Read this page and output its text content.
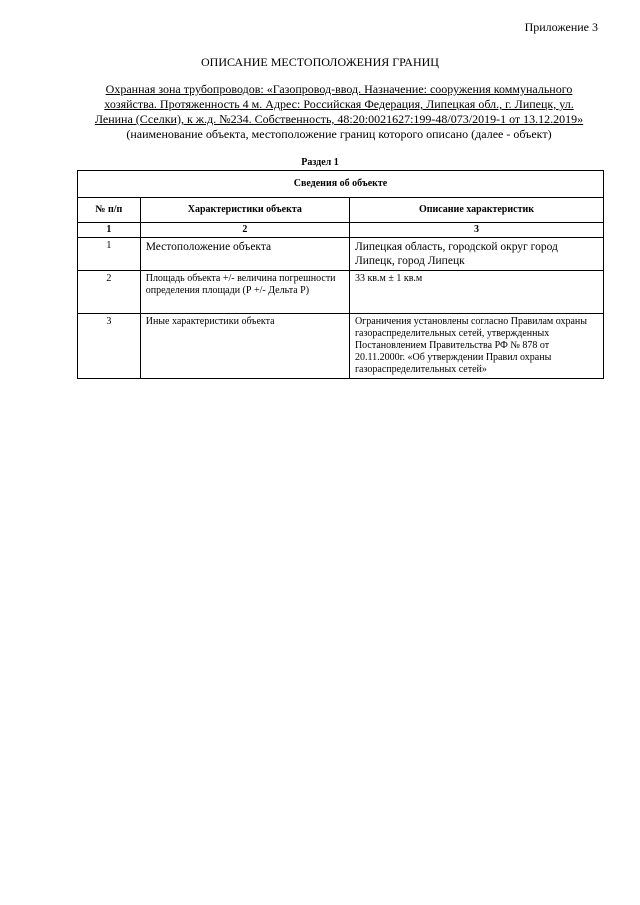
Приложение 3
ОПИСАНИЕ МЕСТОПОЛОЖЕНИЯ ГРАНИЦ
Охранная зона трубопроводов: «Газопровод-ввод. Назначение: сооружения коммунального
хозяйства. Протяженность 4 м. Адрес: Российская Федерация, Липецкая обл., г. Липецк, ул.
Ленина (Сселки), к ж.д. №234. Собственность, 48:20:0021627:199-48/073/2019-1 от 13.12.2019»
(наименование объекта, местоположение границ которого описано (далее - объект)
Раздел 1
Сведения об объекте		
№ п/п	Характеристики объекта	Описание характеристик
1	2	3
1	Местоположение объекта	Липецкая область, городской округ город Липецк, город Липецк
2	Площадь объекта +/- величина погрешности определения площади (Р +/- Дельта Р)	33 кв.м ± 1 кв.м
3	Иные характеристики объекта	Ограничения установлены согласно Правилам охраны газораспределительных сетей, утвержденных Постановлением Правительства РФ № 878 от 20.11.2000г. «Об утверждении Правил охраны газораспределительных сетей»
